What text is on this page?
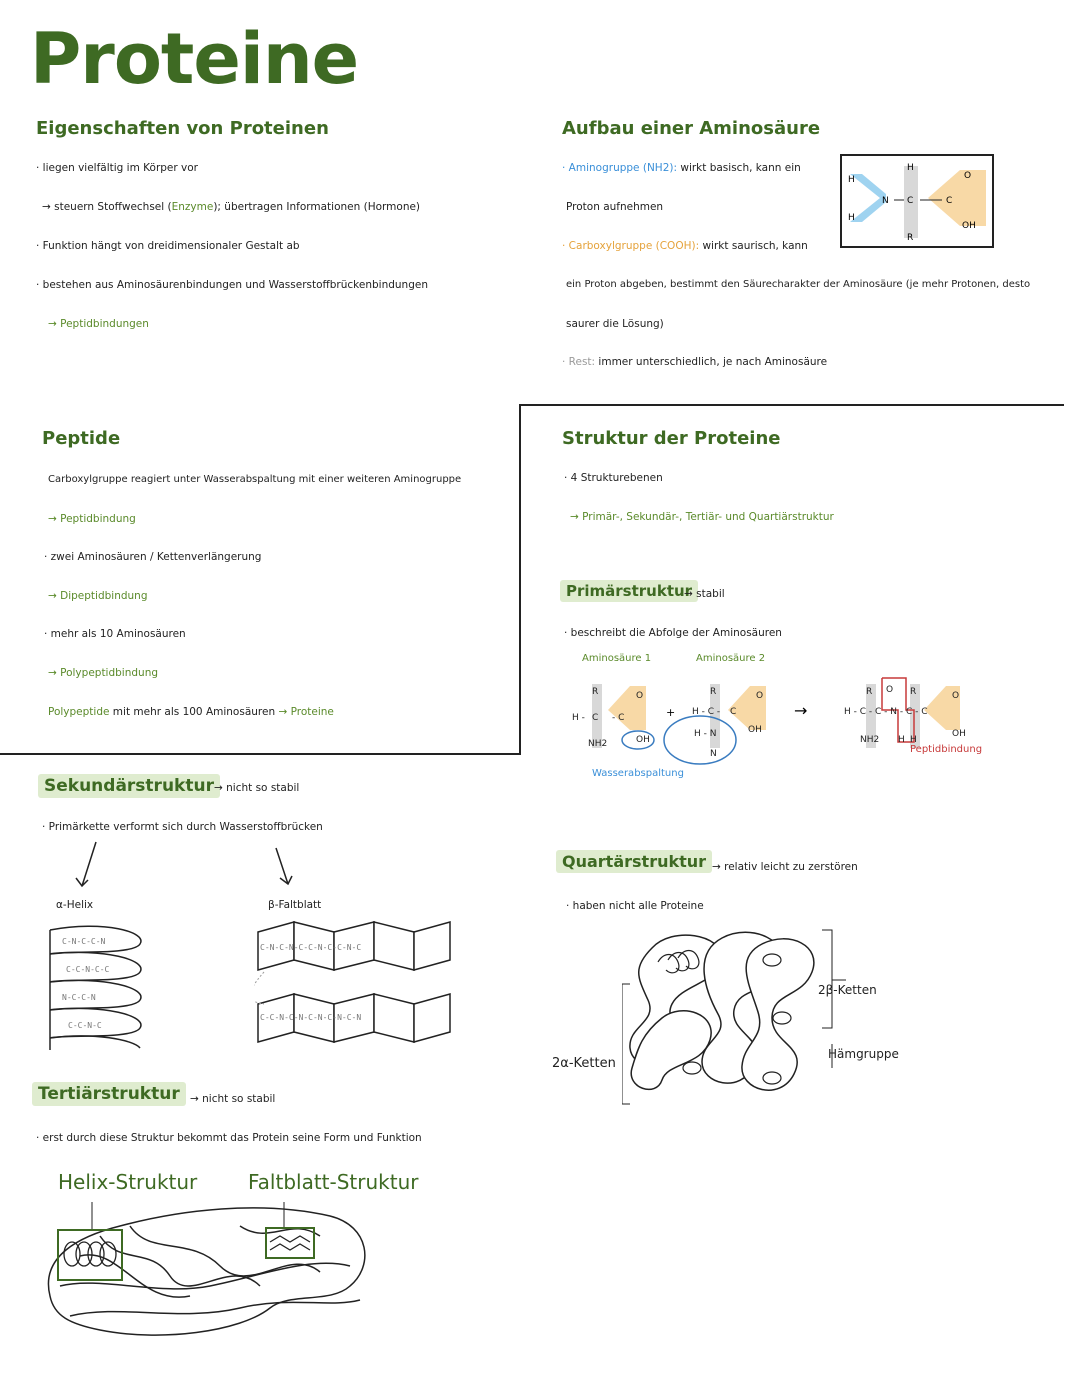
Proteine
Eigenschaften von Proteinen
· liegen vielfältig im Körper vor
→ steuern Stoffwechsel (Enzyme); übertragen Informationen (Hormone)
· Funktion hängt von dreidimensionaler Gestalt ab
· bestehen aus Aminosäurenbindungen und Wasserstoffbrückenbindungen
→ Peptidbindungen
Aufbau einer Aminosäure
· Aminogruppe (NH2): wirkt basisch, kann ein
Proton aufnehmen
· Carboxylgruppe (COOH): wirkt saurisch, kann
ein Proton abgeben, bestimmt den Säurecharakter der Aminosäure (je mehr Protonen, desto
saurer die Lösung)
· Rest: immer unterschiedlich, je nach Aminosäure
H
H
N
H
C
R
C
O
OH
Peptide
Carboxylgruppe reagiert unter Wasserabspaltung mit einer weiteren Aminogruppe
→ Peptidbindung
· zwei Aminosäuren / Kettenverlängerung
→ Dipeptidbindung
· mehr als 10 Aminosäuren
→ Polypeptidbindung
Polypeptide mit mehr als 100 Aminosäuren → Proteine
Struktur der Proteine
· 4 Strukturebenen
→ Primär-, Sekundär-, Tertiär- und Quartiärstruktur
Primärstruktur
→ stabil
· beschreibt die Abfolge der Aminosäuren
Aminosäure 1	Aminosäure 2
R
C
H -	- C
NH2
O
OH
+
R
H - C - C
H - N
N
O
OH
→
R O R
H - C - C - N - C - C
NH2 H H
O
OH
Wasserabspaltung
Peptidbindung
Sekundärstruktur → nicht so stabil
· Primärkette verformt sich durch Wasserstoffbrücken
α-Helix	β-Faltblatt
C-N-C-C-N
C-C-N-C-C
N-C-C-N
C-C-N-C
C-N-C-N-C-C-N-C-C-N-C
C-C-N-C-N-C-N-C-N-C-N
Quartärstruktur → relativ leicht zu zerstören
· haben nicht alle Proteine
2β-Ketten
Hämgruppe
2α-Ketten
Tertiärstruktur → nicht so stabil
· erst durch diese Struktur bekommt das Protein seine Form und Funktion
Helix-Struktur	Faltblatt-Struktur
